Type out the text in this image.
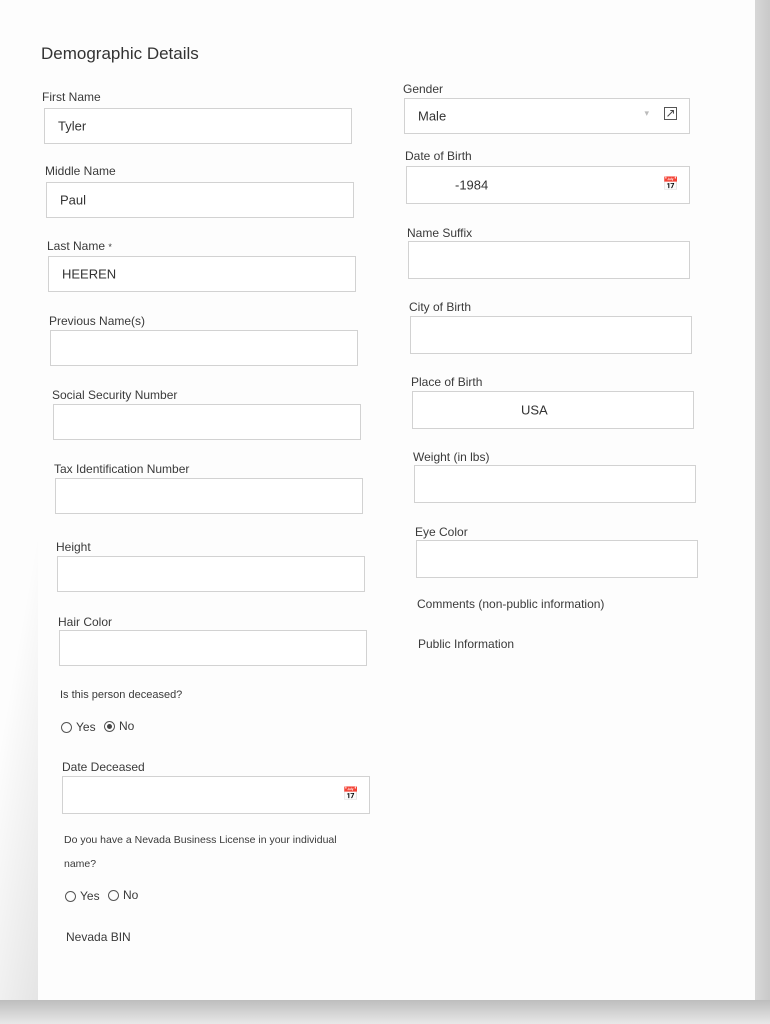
Demographic Details
First Name
Tyler
Middle Name
Paul
Last Name *
HEEREN
Previous Name(s)
Social Security Number
Tax Identification Number
Height
Hair Color
Is this person deceased?
Yes No
Date Deceased
📅
Do you have a Nevada Business License in your individual
name?
Yes No
Nevada BIN
Gender
Male	▾ ↗
Date of Birth
-1984	📅
Name Suffix
City of Birth
Place of Birth
USA
Weight (in lbs)
Eye Color
Comments (non-public information)
Public Information
